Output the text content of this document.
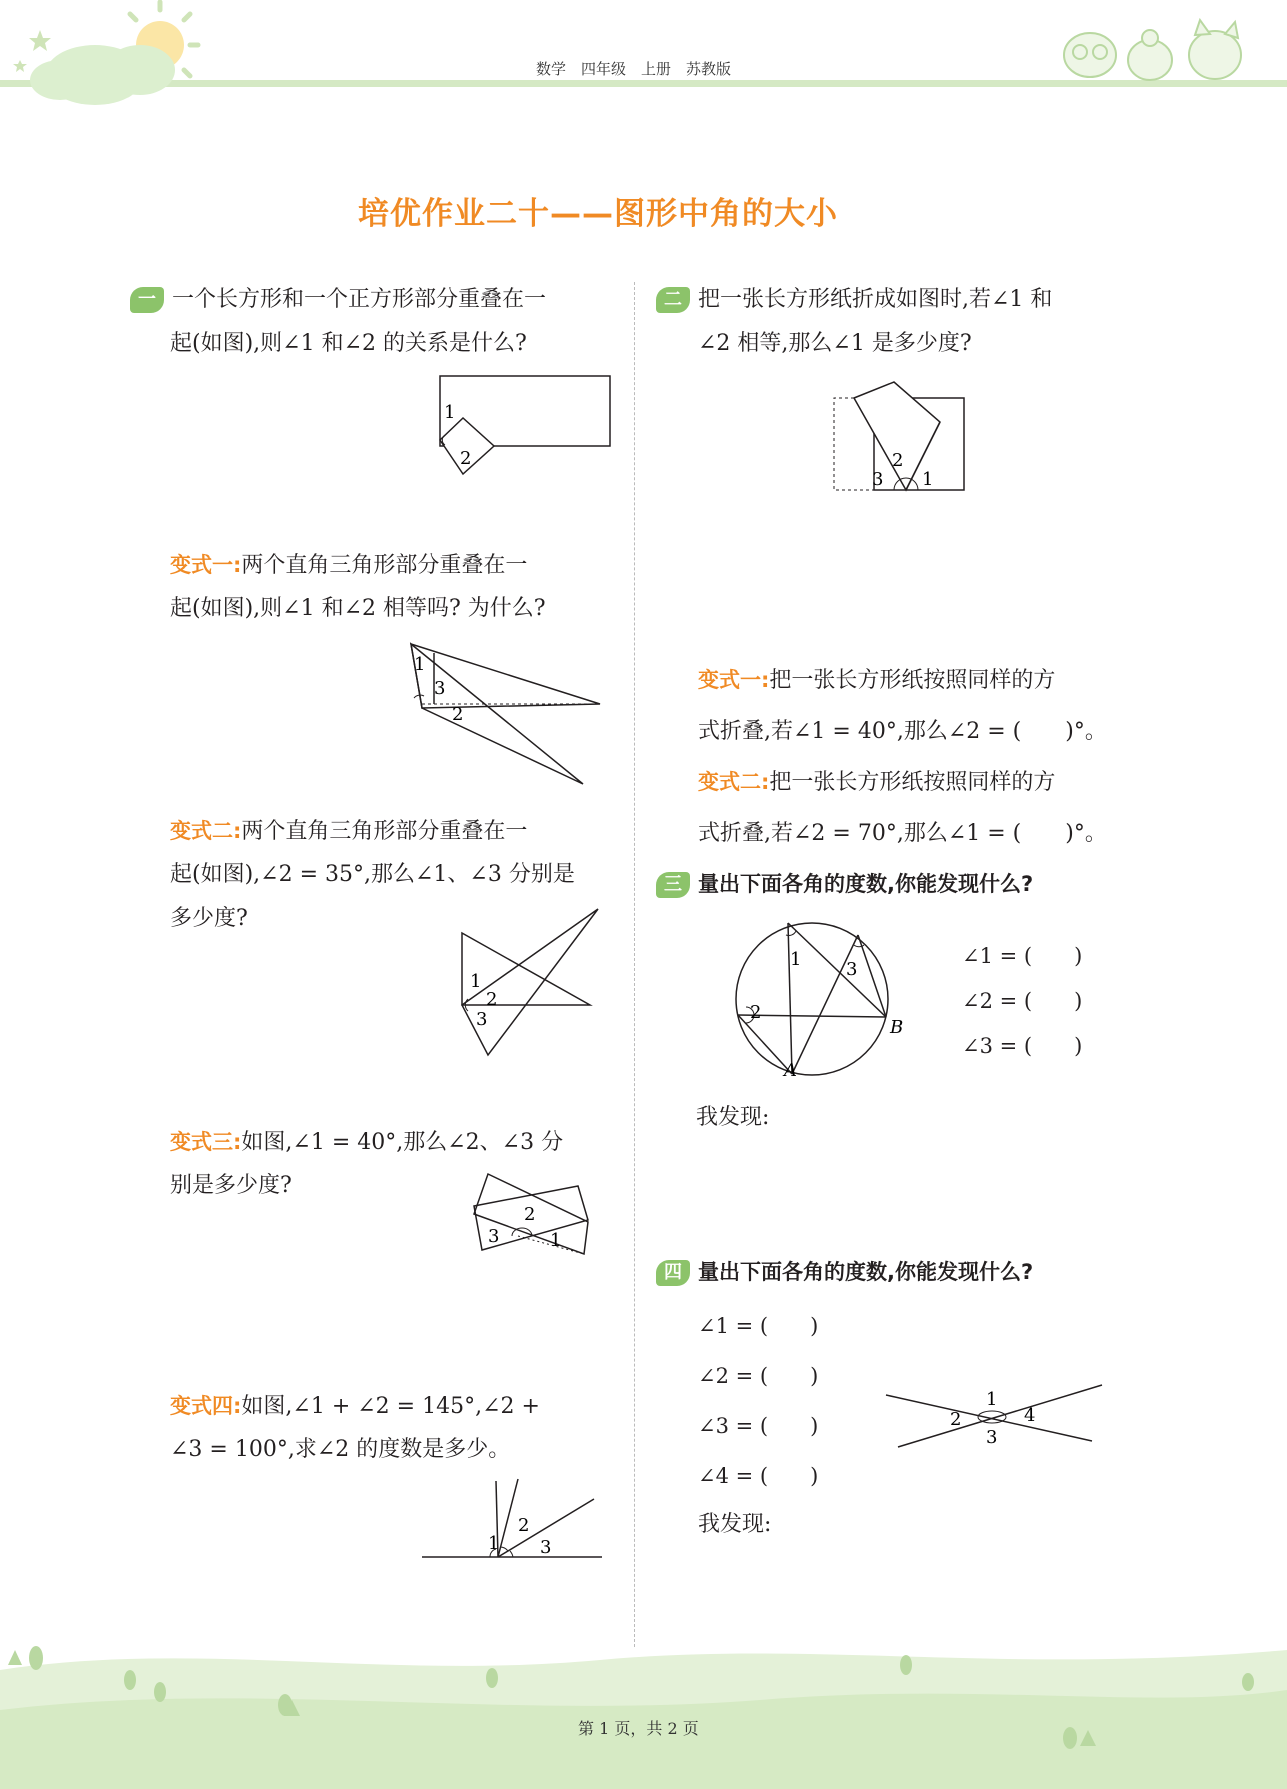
数学　四年级　上册　苏教版
培优作业二十——图形中角的大小
一 一个长方形和一个正方形部分重叠在一
起(如图),则∠1 和∠2 的关系是什么?
1
2
变式一:两个直角三角形部分重叠在一
起(如图),则∠1 和∠2 相等吗? 为什么?
1
3
2
变式二:两个直角三角形部分重叠在一
起(如图),∠2 = 35°,那么∠1、∠3 分别是
多少度?
1
2
3
变式三:如图,∠1 = 40°,那么∠2、∠3 分
别是多少度?
2
3	1
变式四:如图,∠1 + ∠2 = 145°,∠2 +
∠3 = 100°,求∠2 的度数是多少。
1
2
3
二 把一张长方形纸折成如图时,若∠1 和
∠2 相等,那么∠1 是多少度?
3
2
1
变式一:把一张长方形纸按照同样的方
式折叠,若∠1 = 40°,那么∠2 = (　　)°。
变式二:把一张长方形纸按照同样的方
式折叠,若∠2 = 70°,那么∠1 = (　　)°。
三 量出下面各角的度数,你能发现什么?
1 3
2
B
A
∠1 = (　　)
∠2 = (　　)
∠3 = (　　)
我发现:
四 量出下面各角的度数,你能发现什么?
∠1 = (　　)
∠2 = (　　)
∠3 = (　　)
∠4 = (　　)
1
2	4
3
我发现:
第 1 页，共 2 页
